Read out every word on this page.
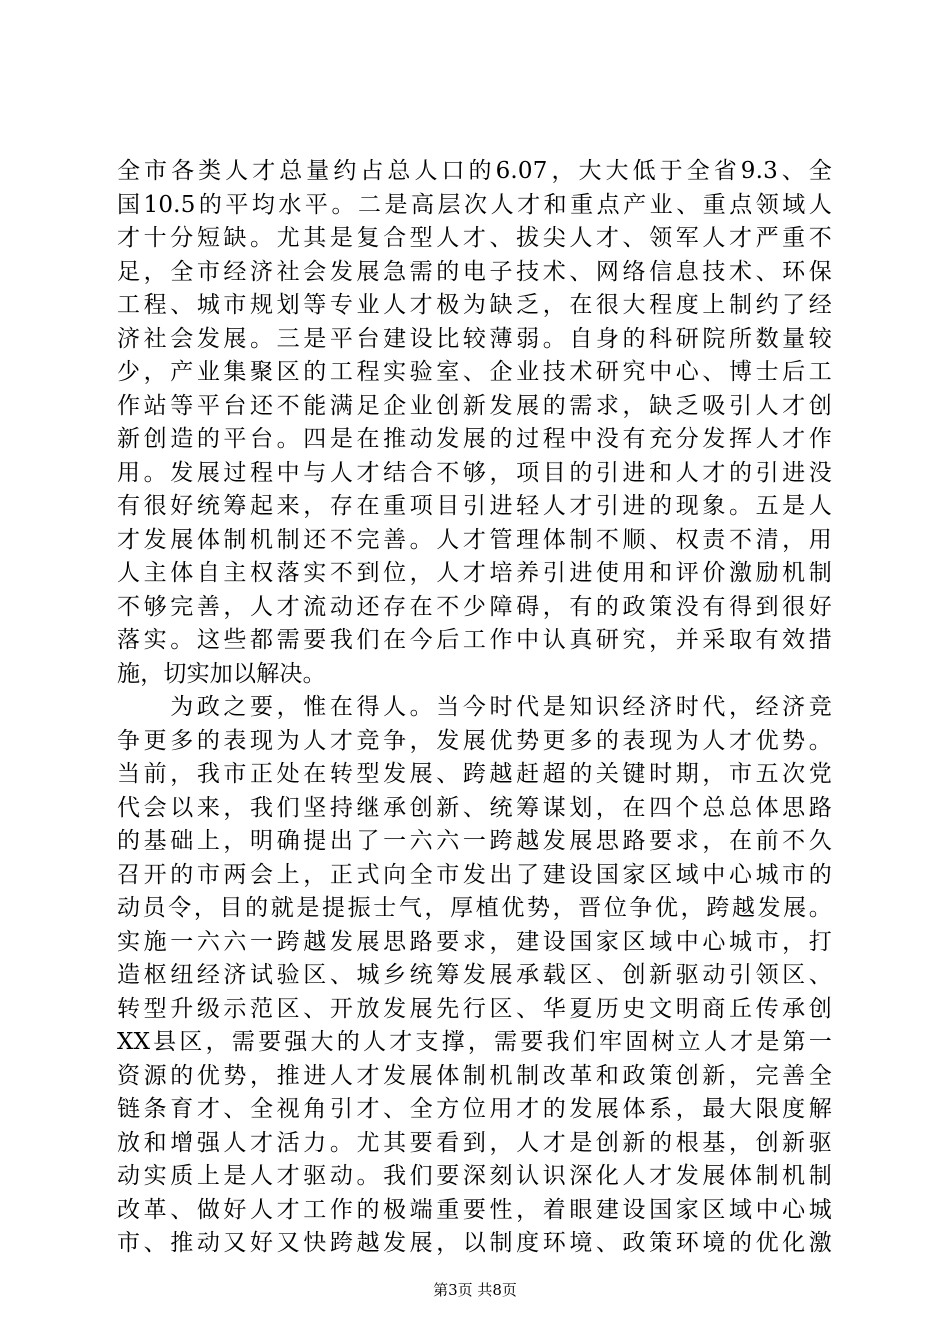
全市各类人才总量约占总人口的6.07，大大低于全省9.3、全
国10.5的平均水平。二是高层次人才和重点产业、重点领域人
才十分短缺。尤其是复合型人才、拔尖人才、领军人才严重不
足，全市经济社会发展急需的电子技术、网络信息技术、环保
工程、城市规划等专业人才极为缺乏，在很大程度上制约了经
济社会发展。三是平台建设比较薄弱。自身的科研院所数量较
少，产业集聚区的工程实验室、企业技术研究中心、博士后工
作站等平台还不能满足企业创新发展的需求，缺乏吸引人才创
新创造的平台。四是在推动发展的过程中没有充分发挥人才作
用。发展过程中与人才结合不够，项目的引进和人才的引进没
有很好统筹起来，存在重项目引进轻人才引进的现象。五是人
才发展体制机制还不完善。人才管理体制不顺、权责不清，用
人主体自主权落实不到位，人才培养引进使用和评价激励机制
不够完善，人才流动还存在不少障碍，有的政策没有得到很好
落实。这些都需要我们在今后工作中认真研究，并采取有效措
施，切实加以解决。
　　为政之要，惟在得人。当今时代是知识经济时代，经济竞
争更多的表现为人才竞争，发展优势更多的表现为人才优势。
当前，我市正处在转型发展、跨越赶超的关键时期，市五次党
代会以来，我们坚持继承创新、统筹谋划，在四个总总体思路
的基础上，明确提出了一六六一跨越发展思路要求，在前不久
召开的市两会上，正式向全市发出了建设国家区域中心城市的
动员令，目的就是提振士气，厚植优势，晋位争优，跨越发展。
实施一六六一跨越发展思路要求，建设国家区域中心城市，打
造枢纽经济试验区、城乡统筹发展承载区、创新驱动引领区、
转型升级示范区、开放发展先行区、华夏历史文明商丘传承创
XX县区，需要强大的人才支撑，需要我们牢固树立人才是第一
资源的优势，推进人才发展体制机制改革和政策创新，完善全
链条育才、全视角引才、全方位用才的发展体系，最大限度解
放和增强人才活力。尤其要看到，人才是创新的根基，创新驱
动实质上是人才驱动。我们要深刻认识深化人才发展体制机制
改革、做好人才工作的极端重要性，着眼建设国家区域中心城
市、推动又好又快跨越发展，以制度环境、政策环境的优化激
第3页 共8页
